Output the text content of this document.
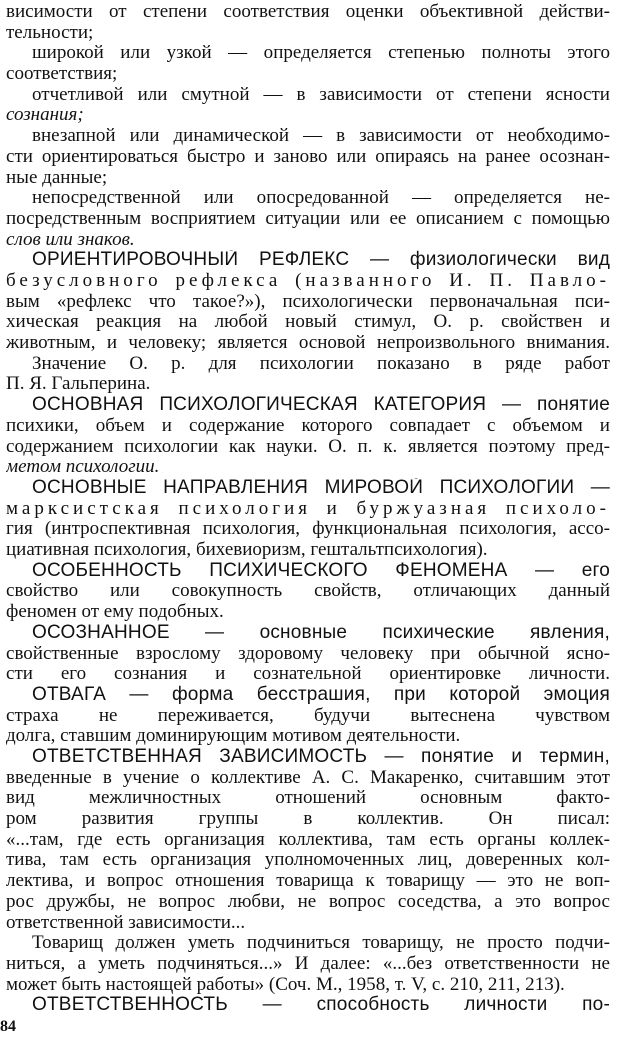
висимости от степени соответствия оценки объективной действи-
тельности;
широкой или узкой — определяется степенью полноты этого
соответствия;
отчетливой или смутной — в зависимости от степени ясности
сознания;
внезапной или динамической — в зависимости от необходимо-
сти ориентироваться быстро и заново или опираясь на ранее осознан-
ные данные;
непосредственной или опосредованной — определяется не-
посредственным восприятием ситуации или ее описанием с помощью
слов или знаков.
ОРИЕНТИРОВОЧНЫЙ РЕФЛЕКС — физиологически вид
безусловного рефлекса (названного И. П. Павло-
вым «рефлекс что такое?»), психологически первоначальная пси-
хическая реакция на любой новый стимул, О. р. свойствен и
животным, и человеку; является основой непроизвольного внимания.
Значение О. р. для психологии показано в ряде работ
П. Я. Гальперина.
ОСНОВНАЯ ПСИХОЛОГИЧЕСКАЯ КАТЕГОРИЯ — понятие
психики, объем и содержание которого совпадает с объемом и
содержанием психологии как науки. О. п. к. является поэтому пред-
метом психологии.
ОСНОВНЫЕ НАПРАВЛЕНИЯ МИРОВОЙ ПСИХОЛОГИИ —
марксистская психология и буржуазная психоло-
гия (интроспективная психология, функциональная психология, ассо-
циативная психология, бихевиоризм, гештальтпсихология).
ОСОБЕННОСТЬ ПСИХИЧЕСКОГО ФЕНОМЕНА — его
свойство или совокупность свойств, отличающих данный
феномен от ему подобных.
ОСОЗНАННОЕ — основные психические явления,
свойственные взрослому здоровому человеку при обычной ясно-
сти его сознания и сознательной ориентировке личности.
ОТВАГА — форма бесстрашия, при которой эмоция
страха не переживается, будучи вытеснена чувством
долга, ставшим доминирующим мотивом деятельности.
ОТВЕТСТВЕННАЯ ЗАВИСИМОСТЬ — понятие и термин,
введенные в учение о коллективе А. С. Макаренко, считавшим этот
вид межличностных отношений основным факто-
ром развития группы в коллектив. Он писал:
«...там, где есть организация коллектива, там есть органы коллек-
тива, там есть организация уполномоченных лиц, доверенных кол-
лектива, и вопрос отношения товарища к товарищу — это не воп-
рос дружбы, не вопрос любви, не вопрос соседства, а это вопрос
ответственной зависимости...
Товарищ должен уметь подчиниться товарищу, не просто подчи-
ниться, а уметь подчиняться...» И далее: «...без ответственности не
может быть настоящей работы» (Соч. М., 1958, т. V, с. 210, 211, 213).
ОТВЕТСТВЕННОСТЬ — способность личности по-
84
